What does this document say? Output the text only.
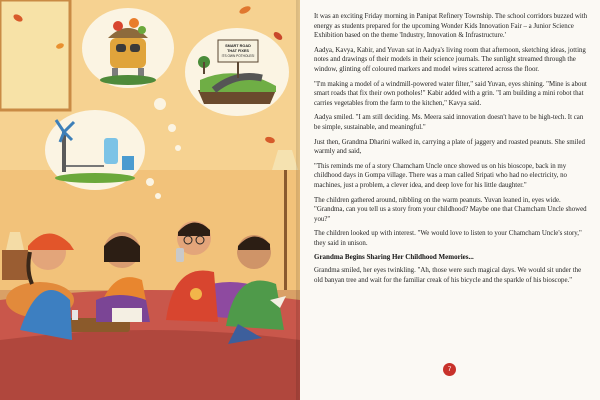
SMART ROAD
THAT FIXES
ITS OWN POTHOLES!

It was an exciting Friday morning in Panipat Refinery Township. The school corridors buzzed with energy as students prepared for the upcoming Wonder Kids Innovation Fair – a Junior Science Exhibition based on the theme 'Industry, Innovation & Infrastructure.'

Aadya, Kavya, Kabir, and Yuvan sat in Aadya's living room that afternoon, sketching ideas, jotting notes and drawings of their models in their science journals. The sunlight streamed through the window, glinting off coloured markers and model wires scattered across the floor.

"I'm making a model of a windmill-powered water filter," said Yuvan, eyes shining. "Mine is about smart roads that fix their own potholes!" Kabir added with a grin. "I am building a mini robot that carries vegetables from the farm to the kitchen," Kavya said.

Aadya smiled. "I am still deciding. Ms. Meera said innovation doesn't have to be high-tech. It can be simple, sustainable, and meaningful."

Just then, Grandma Dharini walked in, carrying a plate of jaggery and roasted peanuts. She smiled warmly and said,

"This reminds me of a story Chamcham Uncle once showed us on his bioscope, back in my childhood days in Gompa village. There was a man called Sripati who had no electricity, no machines, just a problem, a clever idea, and deep love for his little daughter."

The children gathered around, nibbling on the warm peanuts. Yuvan leaned in, eyes wide. "Grandma, can you tell us a story from your childhood? Maybe one that Chamcham Uncle showed you?"

The children looked up with interest. "We would love to listen to your Chamcham Uncle's story," they said in unison.

Grandma Begins Sharing Her Childhood Memories...

Grandma smiled, her eyes twinkling. "Ah, those were such magical days. We would sit under the old banyan tree and wait for the familiar creak of his bicycle and the sparkle of his bioscope."

7
